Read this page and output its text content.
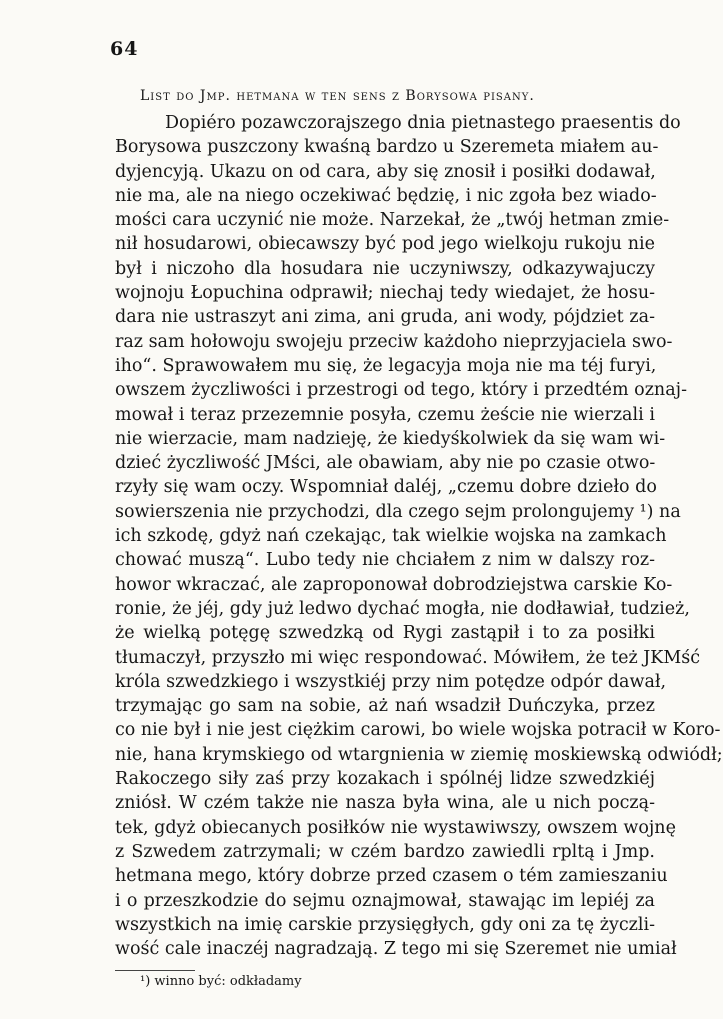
64
List do Jmp. hetmana w ten sens z Borysowa pisany.
Dopiéro pozawczorajszego dnia pietnastego praesentis do
Borysowa puszczony kwaśną bardzo u Szeremeta miałem au-
dyjencyją. Ukazu on od cara, aby się znosił i posiłki dodawał,
nie ma, ale na niego oczekiwać będzię, i nic zgoła bez wiado-
mości cara uczynić nie może. Narzekał, że „twój hetman zmie-
nił hosudarowi, obiecawszy być pod jego wielkoju rukoju nie
był i niczoho dla hosudara nie uczyniwszy, odkazywajuczy
wojnoju Łopuchina odprawił; niechaj tedy wiedajet, że hosu-
dara nie ustraszyt ani zima, ani gruda, ani wody, pójdziet za-
raz sam hołowoju swojeju przeciw każdoho nieprzyjaciela swo-
iho“. Sprawowałem mu się, że legacyja moja nie ma téj furyi,
owszem życzliwości i przestrogi od tego, który i przedtém oznaj-
mował i teraz przezemnie posyła, czemu żeście nie wierzali i
nie wierzacie, mam nadzieję, że kiedyśkolwiek da się wam wi-
dzieć życzliwość JMści, ale obawiam, aby nie po czasie otwo-
rzyły się wam oczy. Wspomniał daléj, „czemu dobre dzieło do
sowierszenia nie przychodzi, dla czego sejm prolongujemy ¹) na
ich szkodę, gdyż nań czekając, tak wielkie wojska na zamkach
chować muszą“. Lubo tedy nie chciałem z nim w dalszy roz-
howor wkraczać, ale zaproponował dobrodziejstwa carskie Ko-
ronie, że jéj, gdy już ledwo dychać mogła, nie dodławiał, tudzież,
że wielką potęgę szwedzką od Rygi zastąpił i to za posiłki
tłumaczył, przyszło mi więc respondować. Mówiłem, że też JKMść
króla szwedzkiego i wszystkiéj przy nim potędze odpór dawał,
trzymając go sam na sobie, aż nań wsadził Duńczyka, przez
co nie był i nie jest ciężkim carowi, bo wiele wojska potracił w Koro-
nie, hana krymskiego od wtargnienia w ziemię moskiewską odwiódł;
Rakoczego siły zaś przy kozakach i spólnéj lidze szwedzkiéj
zniósł. W czém także nie nasza była wina, ale u nich począ-
tek, gdyż obiecanych posiłków nie wystawiwszy, owszem wojnę
z Szwedem zatrzymali; w czém bardzo zawiedli rpltą i Jmp.
hetmana mego, który dobrze przed czasem o tém zamieszaniu
i o przeszkodzie do sejmu oznajmował, stawając im lepiéj za
wszystkich na imię carskie przysięgłych, gdy oni za tę życzli-
wość cale inaczéj nagradzają. Z tego mi się Szeremet nie umiał
¹) winno być: odkładamy
